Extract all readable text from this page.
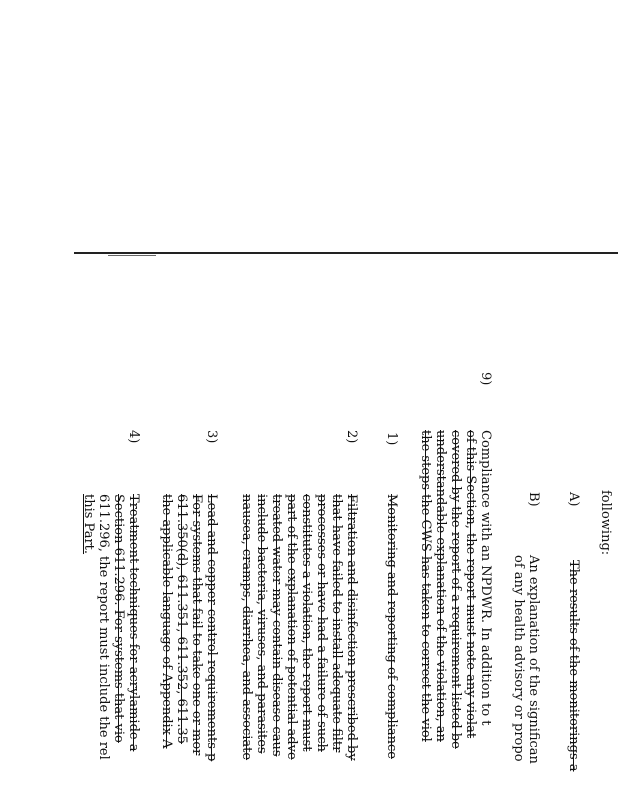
following:
A)
The results of the monitorings a
B)
An explanation of the significan
of any health advisory or propo
9)
Compliance with an NPDWR. In addition to t
of this Section, the report must note any violat
covered by the report of a requirement listed be
understandable explanation of the violation, an
the steps the CWS has taken to correct the viol
1)
Monitoring and reporting of compliance
2)
Filtration and disinfection prescribed by
that have failed to install adequate filtr
processes or have had a failure of such
constitutes a violation, the report must
part of the explanation of potential adve
treated water may contain disease-caus
include bacteria, viruses, and parasites
nausea, cramps, diarrhea, and associate
3)
Lead and copper control requirements p
For systems that fail to take one or mor
611.350(d), 611.351, 611.352, 611.35
the applicable language of Appendix A
4)
Treatment techniques for acrylamide a
Section 611.296. For systems that vio
611.296, the report must include the rel
this Part.
